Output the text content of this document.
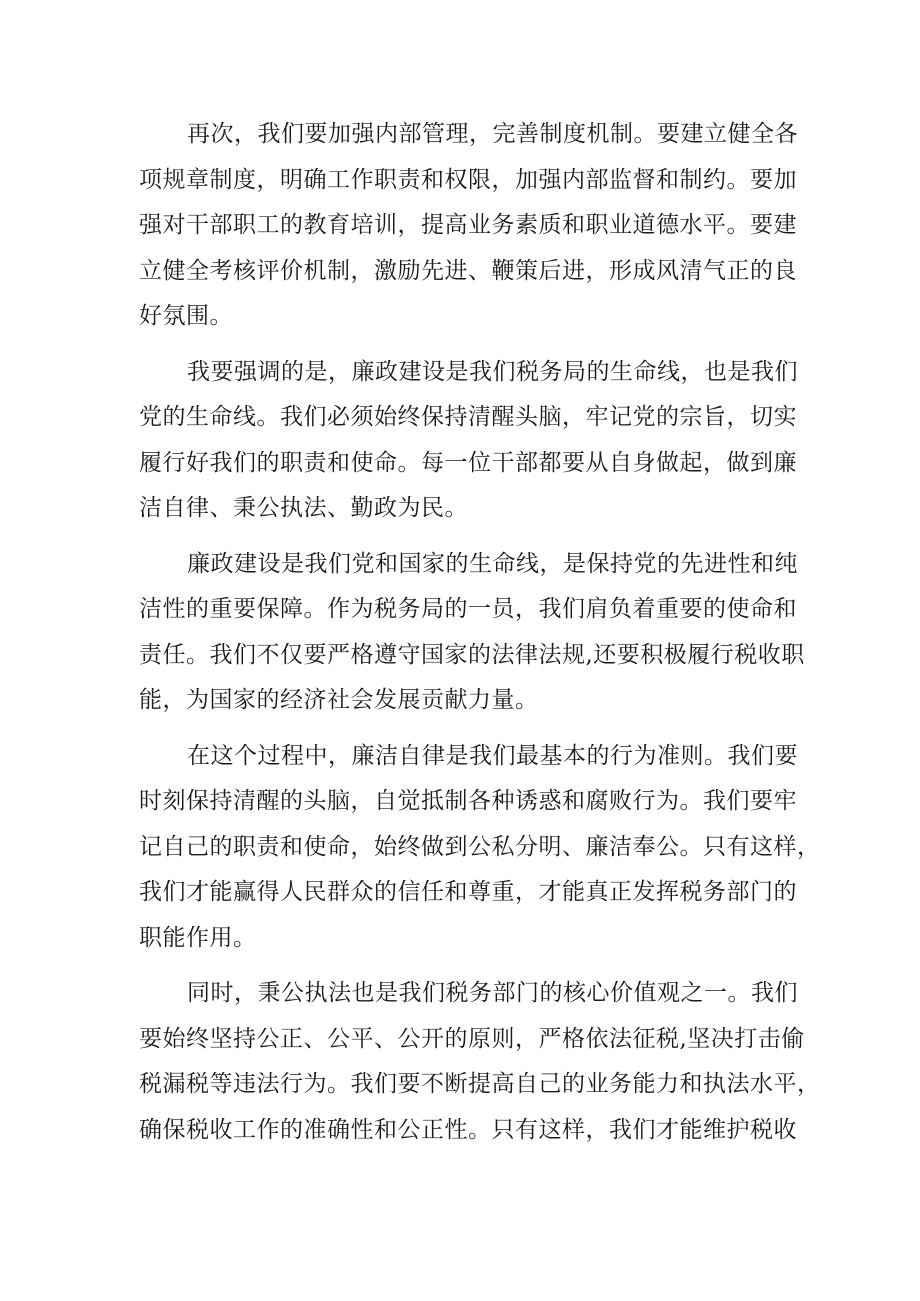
再次，我们要加强内部管理，完善制度机制。要建立健全各
项规章制度，明确工作职责和权限，加强内部监督和制约。要加
强对干部职工的教育培训，提高业务素质和职业道德水平。要建
立健全考核评价机制，激励先进、鞭策后进，形成风清气正的良
好氛围。
我要强调的是，廉政建设是我们税务局的生命线，也是我们
党的生命线。我们必须始终保持清醒头脑，牢记党的宗旨，切实
履行好我们的职责和使命。每一位干部都要从自身做起，做到廉
洁自律、秉公执法、勤政为民。
廉政建设是我们党和国家的生命线，是保持党的先进性和纯
洁性的重要保障。作为税务局的一员，我们肩负着重要的使命和
责任。我们不仅要严格遵守国家的法律法规,还要积极履行税收职
能，为国家的经济社会发展贡献力量。
在这个过程中，廉洁自律是我们最基本的行为准则。我们要
时刻保持清醒的头脑，自觉抵制各种诱惑和腐败行为。我们要牢
记自己的职责和使命，始终做到公私分明、廉洁奉公。只有这样，
我们才能赢得人民群众的信任和尊重，才能真正发挥税务部门的
职能作用。
同时，秉公执法也是我们税务部门的核心价值观之一。我们
要始终坚持公正、公平、公开的原则，严格依法征税,坚决打击偷
税漏税等违法行为。我们要不断提高自己的业务能力和执法水平，
确保税收工作的准确性和公正性。只有这样，我们才能维护税收
